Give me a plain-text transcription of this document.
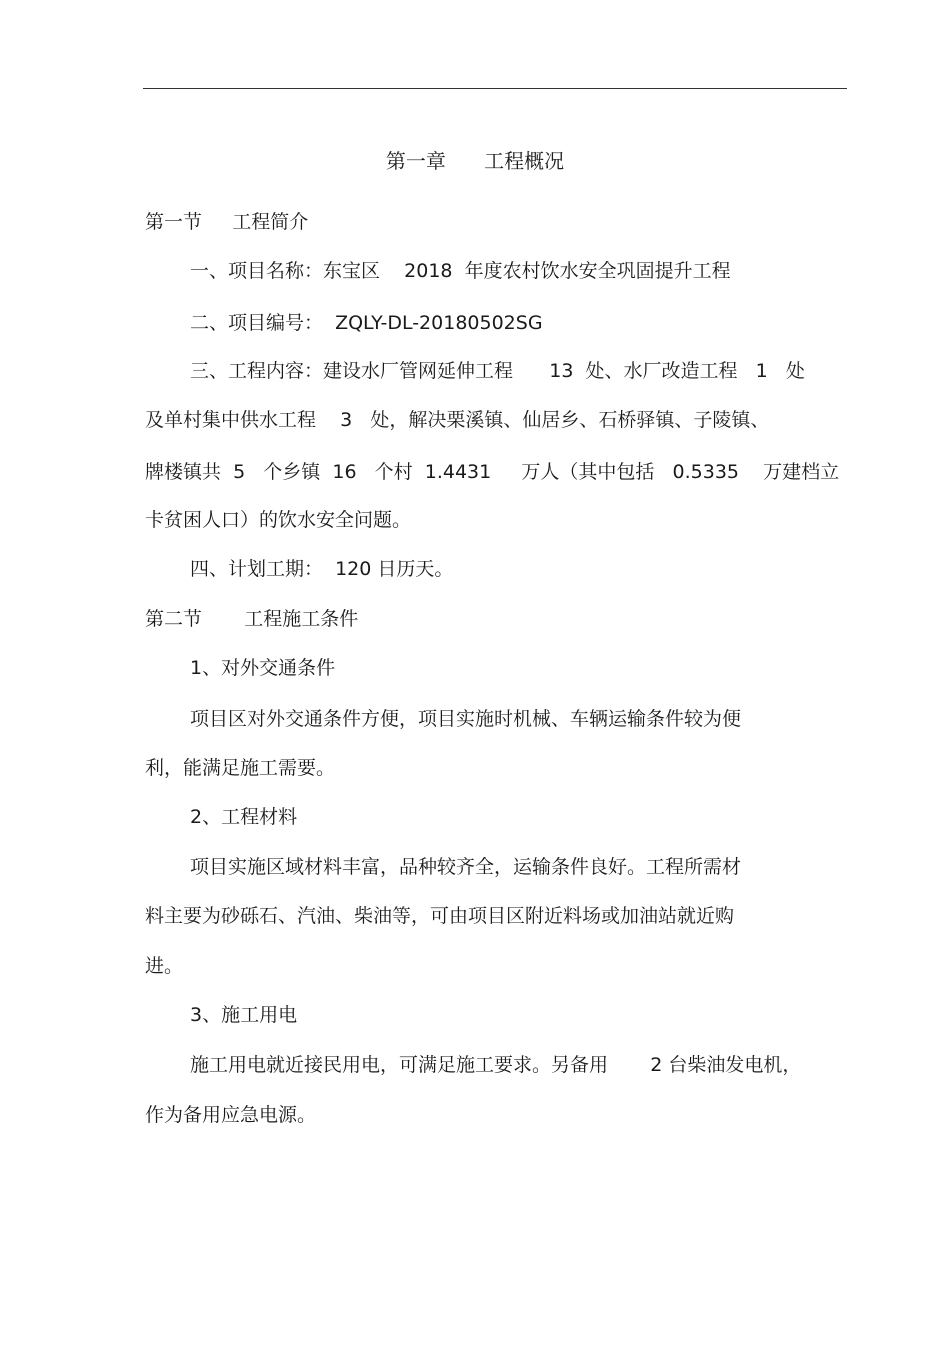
第一章      工程概况
第一节     工程简介
一、项目名称：东宝区    2018  年度农村饮水安全巩固提升工程
二、项目编号：  ZQLY-DL-20180502SG
三、工程内容：建设水厂管网延伸工程      13  处、水厂改造工程   1   处
及单村集中供水工程    3   处，解决栗溪镇、仙居乡、石桥驿镇、子陵镇、
牌楼镇共  5   个乡镇  16   个村  1.4431     万人（其中包括   0.5335    万建档立
卡贫困人口）的饮水安全问题。
四、计划工期：  120 日历天。
第二节       工程施工条件
1、对外交通条件
项目区对外交通条件方便，项目实施时机械、车辆运输条件较为便
利，能满足施工需要。
2、工程材料
项目实施区域材料丰富，品种较齐全，运输条件良好。工程所需材
料主要为砂砾石、汽油、柴油等，可由项目区附近料场或加油站就近购
进。
3、施工用电
施工用电就近接民用电，可满足施工要求。另备用       2 台柴油发电机，
作为备用应急电源。
